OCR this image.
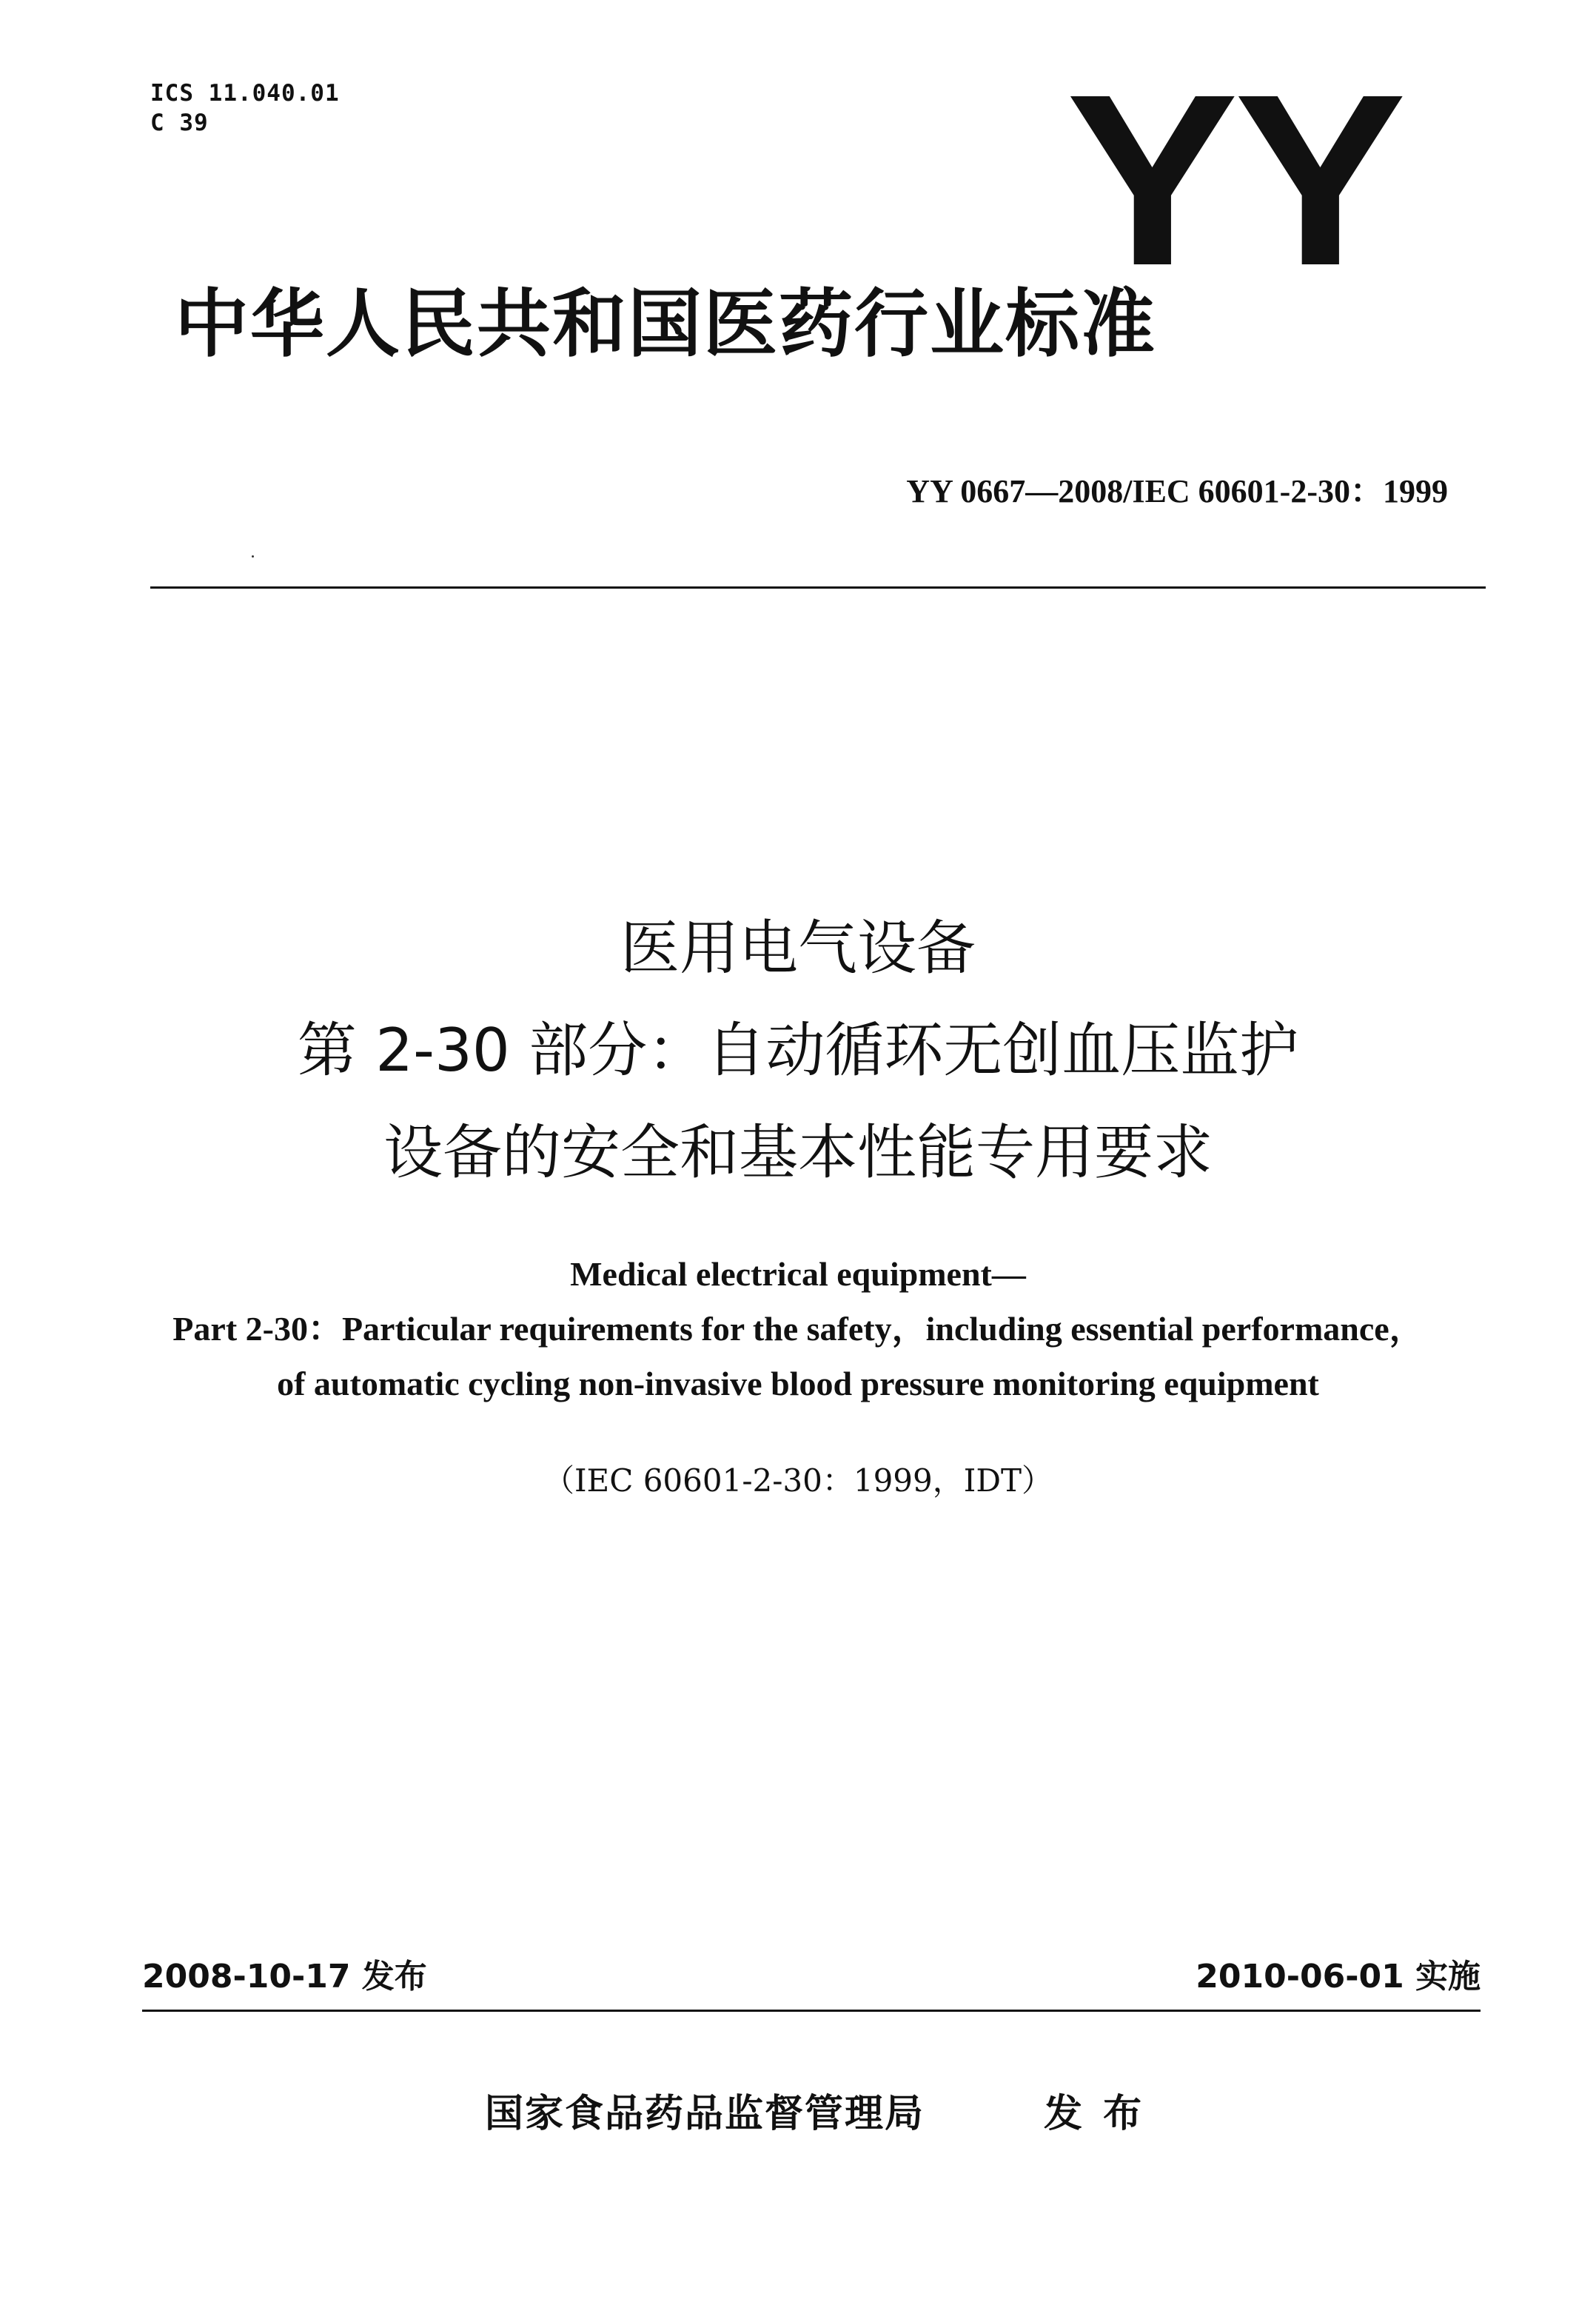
ICS 11.040.01
C 39	YY
中华人民共和国医药行业标准
YY 0667—2008/IEC 60601-2-30：1999
医用电气设备
第 2-30 部分：自动循环无创血压监护
设备的安全和基本性能专用要求
Medical electrical equipment—
Part 2-30：Particular requirements for the safety，including essential performance，
of automatic cycling non-invasive blood pressure monitoring equipment
（IEC 60601-2-30：1999，IDT）
2008-10-17 发布	2010-06-01 实施
国家食品药品监督管理局	发 布
